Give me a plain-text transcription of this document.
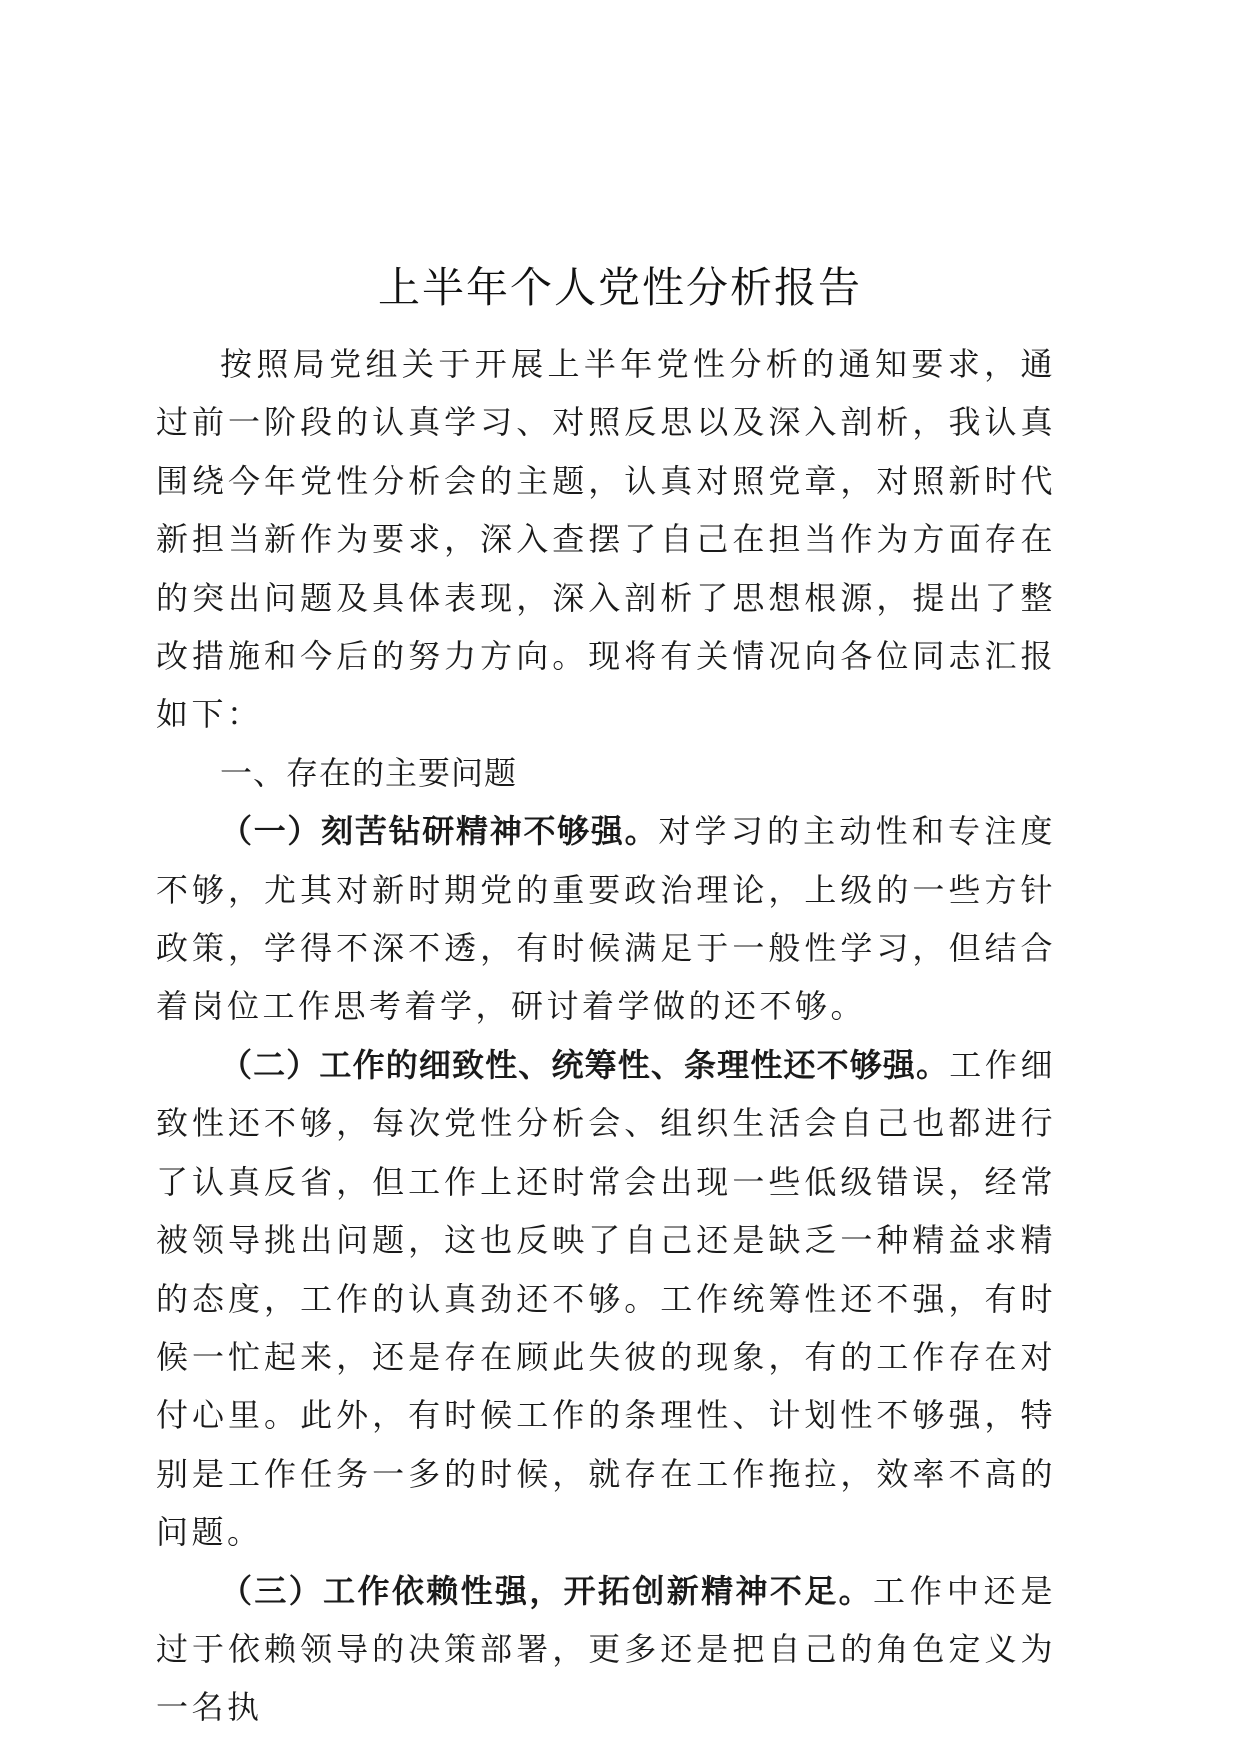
上半年个人党性分析报告

按照局党组关于开展上半年党性分析的通知要求，通过前一阶段的认真学习、对照反思以及深入剖析，我认真围绕今年党性分析会的主题，认真对照党章，对照新时代新担当新作为要求，深入查摆了自己在担当作为方面存在的突出问题及具体表现，深入剖析了思想根源，提出了整改措施和今后的努力方向。现将有关情况向各位同志汇报如下：

一、存在的主要问题

（一）刻苦钻研精神不够强。对学习的主动性和专注度不够，尤其对新时期党的重要政治理论，上级的一些方针政策，学得不深不透，有时候满足于一般性学习，但结合着岗位工作思考着学，研讨着学做的还不够。

（二）工作的细致性、统筹性、条理性还不够强。工作细致性还不够，每次党性分析会、组织生活会自己也都进行了认真反省，但工作上还时常会出现一些低级错误，经常被领导挑出问题，这也反映了自己还是缺乏一种精益求精的态度，工作的认真劲还不够。工作统筹性还不强，有时候一忙起来，还是存在顾此失彼的现象，有的工作存在对付心里。此外，有时候工作的条理性、计划性不够强，特别是工作任务一多的时候，就存在工作拖拉，效率不高的问题。

（三）工作依赖性强，开拓创新精神不足。工作中还是过于依赖领导的决策部署，更多还是把自己的角色定义为一名执
